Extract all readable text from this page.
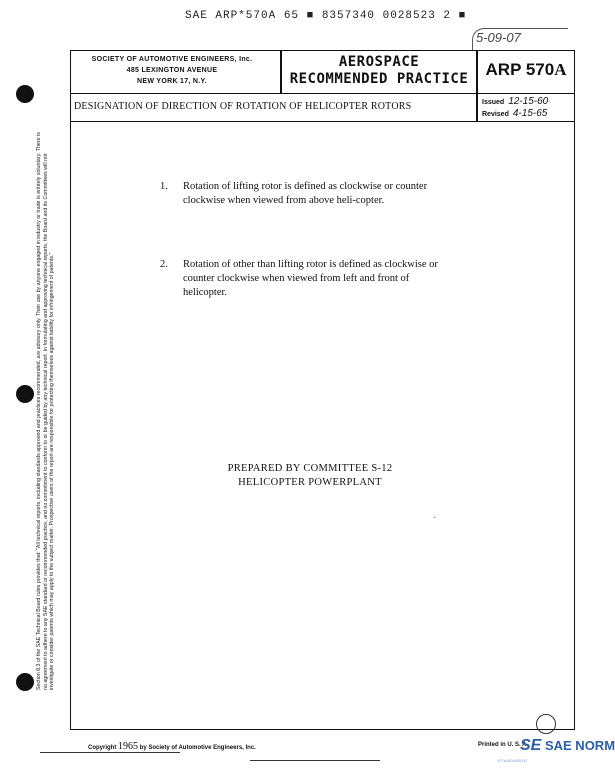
SAE ARP*570A 65 ■ 8357340 0028523 2 ■
5-09-07
SOCIETY OF AUTOMOTIVE ENGINEERS, Inc.
485 LEXINGTON AVENUE
NEW YORK 17, N.Y.
AEROSPACE
RECOMMENDED PRACTICE	ARP 570A
DESIGNATION OF DIRECTION OF ROTATION OF HELICOPTER ROTORS	Issued 12-15-60
Revised 4-15-65
1. Rotation of lifting rotor is defined as clockwise or counter clockwise when viewed from above heli-copter.
2. Rotation of other than lifting rotor is defined as clockwise or counter clockwise when viewed from left and front of helicopter.
PREPARED BY COMMITTEE S-12
HELICOPTER POWERPLANT
˰
Section 8.3 of the SAE Technical Board rules provides that: "All technical reports, including standards approved and practices recommended, are advisory only. Their use by anyone engaged in industry or trade is entirely voluntary. There is no agreement to adhere to any SAE standard or recommended practice, and no commitment to conform to or be guided by any technical report. In formulating and approving technical reports, the Board and its Committees will not investigate or consider patents which may apply to the subject matter. Prospective users of the report are responsible for protecting themselves against liability for infringement of patents."
Copyright 1965 by Society of Automotive Engineers, Inc.	Printed in U. S. A.
SE SAE NORM
STANDARDS
